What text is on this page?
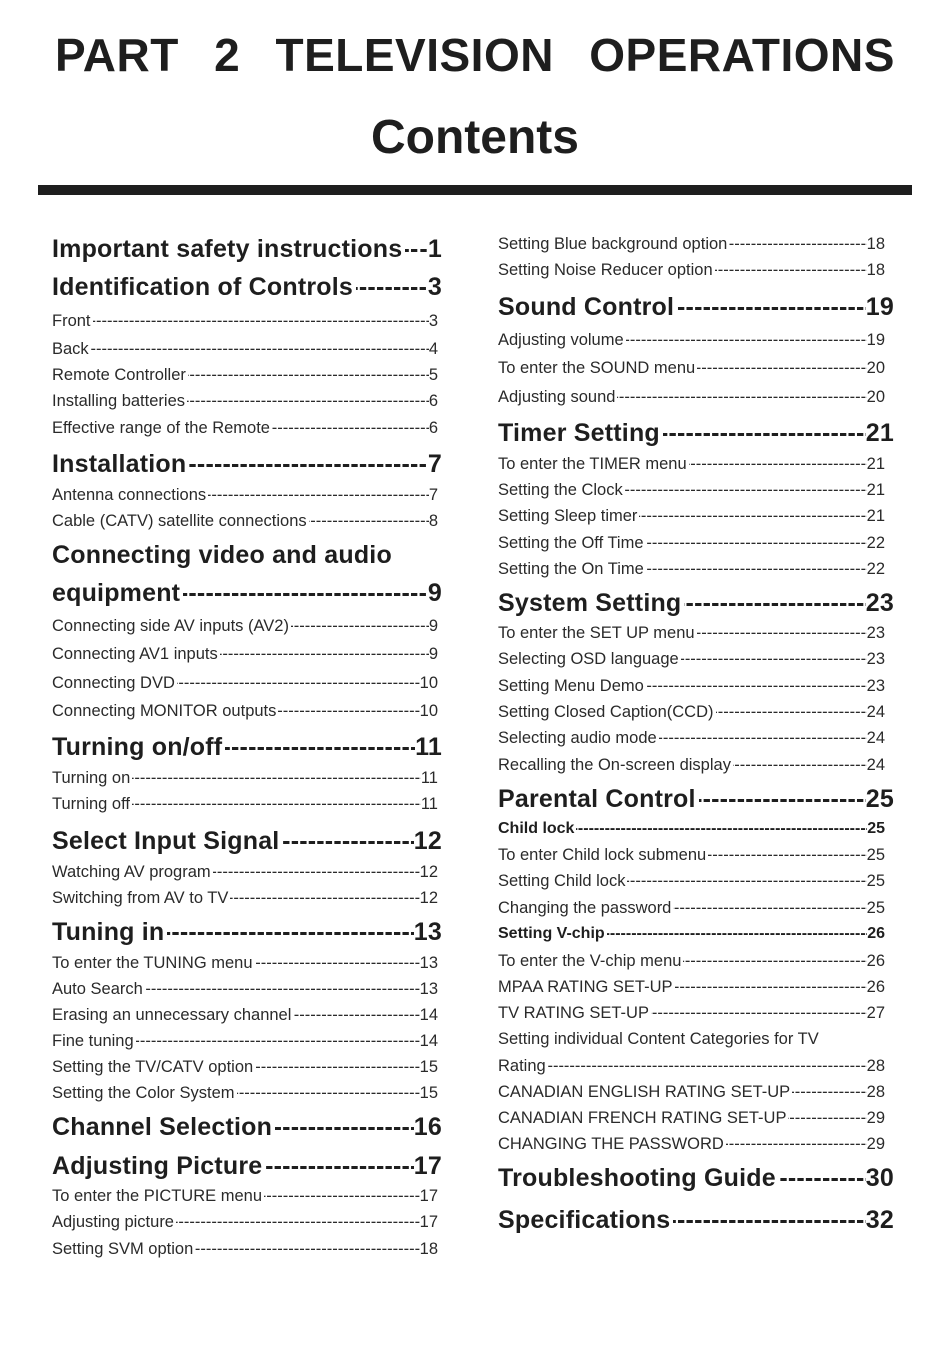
PART 2 TELEVISION OPERATIONS
Contents
Important safety instructions -1
-----
Identification of Controls	3
-----
Front	3
-----
Back	4
-----
Remote Controller	5
-----
Installing batteries	6
-----
Effective range of the Remote	6
-----
Installation	7
-----
Antenna connections	7
-----
Cable (CATV) satellite connections	8
-----
Connecting video and audio
equipment	9
-----
Connecting side AV inputs (AV2)	9
-----
Connecting AV1 inputs	9
-----
Connecting DVD	10
-----
Connecting MONITOR outputs	10
-----
Turning on/off	11
-----
Turning on	11
-----
Turning off	11
-----
Select Input Signal	12
-----
Watching AV program	12
-----
Switching from AV to TV	12
-----
Tuning in	13
-----
To enter the TUNING menu	13
-----
Auto Search	13
-----
Erasing an unnecessary channel	14
-----
Fine tuning	14
-----
Setting the TV/CATV option	15
-----
Setting the Color System	15
-----
Channel Selection	16
-----
Adjusting Picture	17
-----
To enter the PICTURE menu	17
-----
Adjusting picture	17
-----
Setting SVM option	18
-----
Setting Blue background option	18
-----
Setting Noise Reducer option	18
-----
Sound Control	19
-----
Adjusting volume	19
-----
To enter the SOUND menu	20
-----
Adjusting sound	20
-----
Timer Setting	21
-----
To enter the TIMER menu	21
-----
Setting the Clock	21
-----
Setting Sleep timer	21
-----
Setting the Off Time	22
-----
Setting the On Time	22
-----
System Setting	23
-----
To enter the SET UP menu	23
-----
Selecting OSD language	23
-----
Setting Menu Demo	23
-----
Setting Closed Caption(CCD)	24
-----
Selecting audio mode	24
-----
Recalling the On-screen display	24
-----
Parental Control	25
-----
Child lock	25
-----
To enter Child lock submenu	25
-----
Setting Child lock	25
-----
Changing the password	25
-----
Setting V-chip	26
-----
To enter the V-chip menu	26
-----
MPAA RATING SET-UP	26
-----
TV RATING SET-UP	27
-----
Setting individual Content Categories for TV
Rating	28
-----
CANADIAN ENGLISH RATING SET-UP	28
-----
CANADIAN FRENCH RATING SET-UP	29
-----
CHANGING THE PASSWORD	29
-----
Troubleshooting Guide	30
-----
Specifications	32
-----
